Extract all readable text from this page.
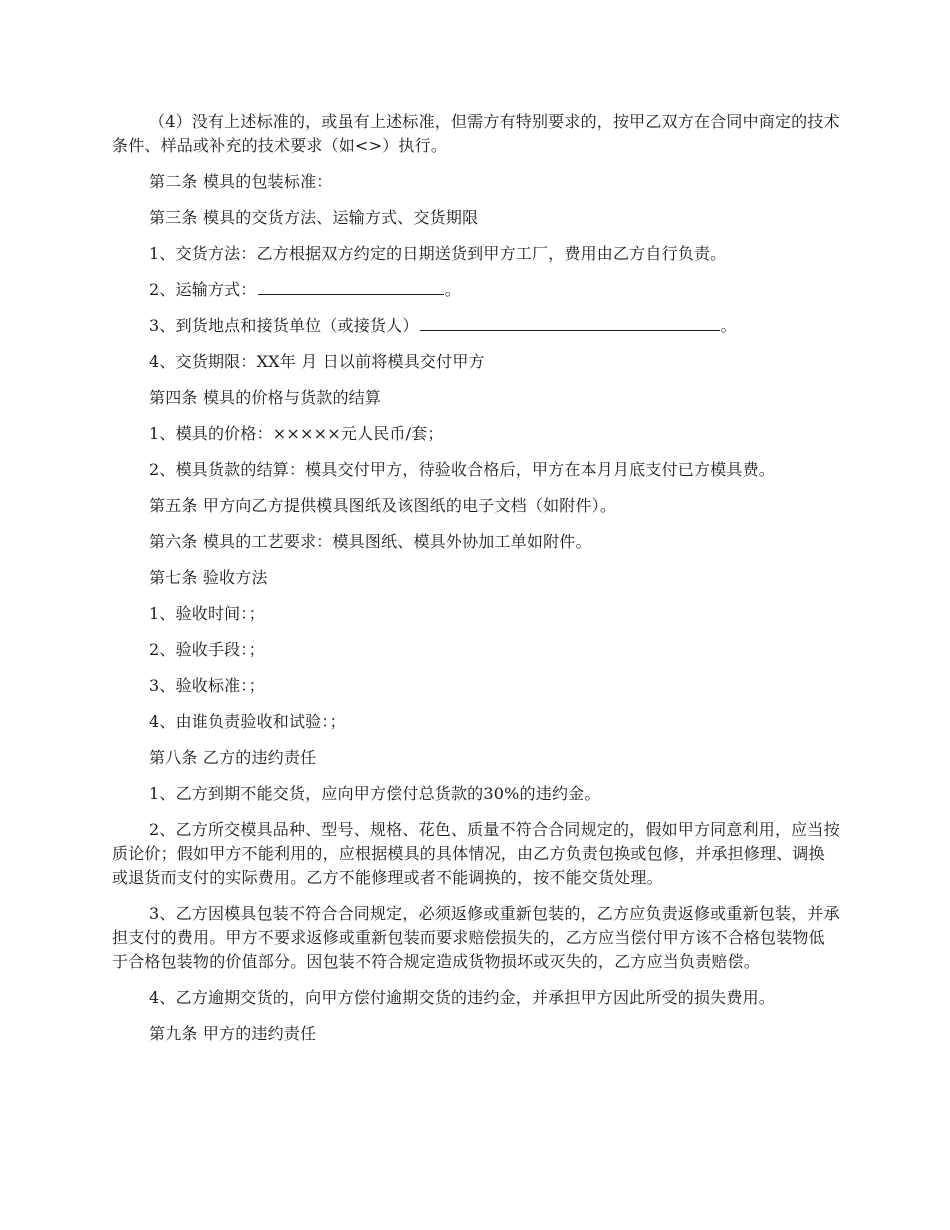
（4）没有上述标准的，或虽有上述标准，但需方有特别要求的，按甲乙双方在合同中商定的技术条件、样品或补充的技术要求（如<>）执行。

第二条 模具的包装标准：

第三条 模具的交货方法、运输方式、交货期限

1、交货方法：乙方根据双方约定的日期送货到甲方工厂，费用由乙方自行负责。

2、运输方式：	。

3、到货地点和接货单位（或接货人）	。

4、交货期限：XX年 月 日以前将模具交付甲方

第四条 模具的价格与货款的结算

1、模具的价格：×××××元人民币/套；

2、模具货款的结算：模具交付甲方，待验收合格后，甲方在本月月底支付已方模具费。

第五条 甲方向乙方提供模具图纸及该图纸的电子文档（如附件）。

第六条 模具的工艺要求：模具图纸、模具外协加工单如附件。

第七条 验收方法

1、验收时间：；

2、验收手段：；

3、验收标准：；

4、由谁负责验收和试验：；

第八条 乙方的违约责任

1、乙方到期不能交货，应向甲方偿付总货款的30%的违约金。

2、乙方所交模具品种、型号、规格、花色、质量不符合合同规定的，假如甲方同意利用，应当按质论价；假如甲方不能利用的，应根据模具的具体情况，由乙方负责包换或包修，并承担修理、调换或退货而支付的实际费用。乙方不能修理或者不能调换的，按不能交货处理。

3、乙方因模具包装不符合合同规定，必须返修或重新包装的，乙方应负责返修或重新包装，并承担支付的费用。甲方不要求返修或重新包装而要求赔偿损失的，乙方应当偿付甲方该不合格包装物低于合格包装物的价值部分。因包装不符合规定造成货物损坏或灭失的，乙方应当负责赔偿。

4、乙方逾期交货的，向甲方偿付逾期交货的违约金，并承担甲方因此所受的损失费用。

第九条 甲方的违约责任
